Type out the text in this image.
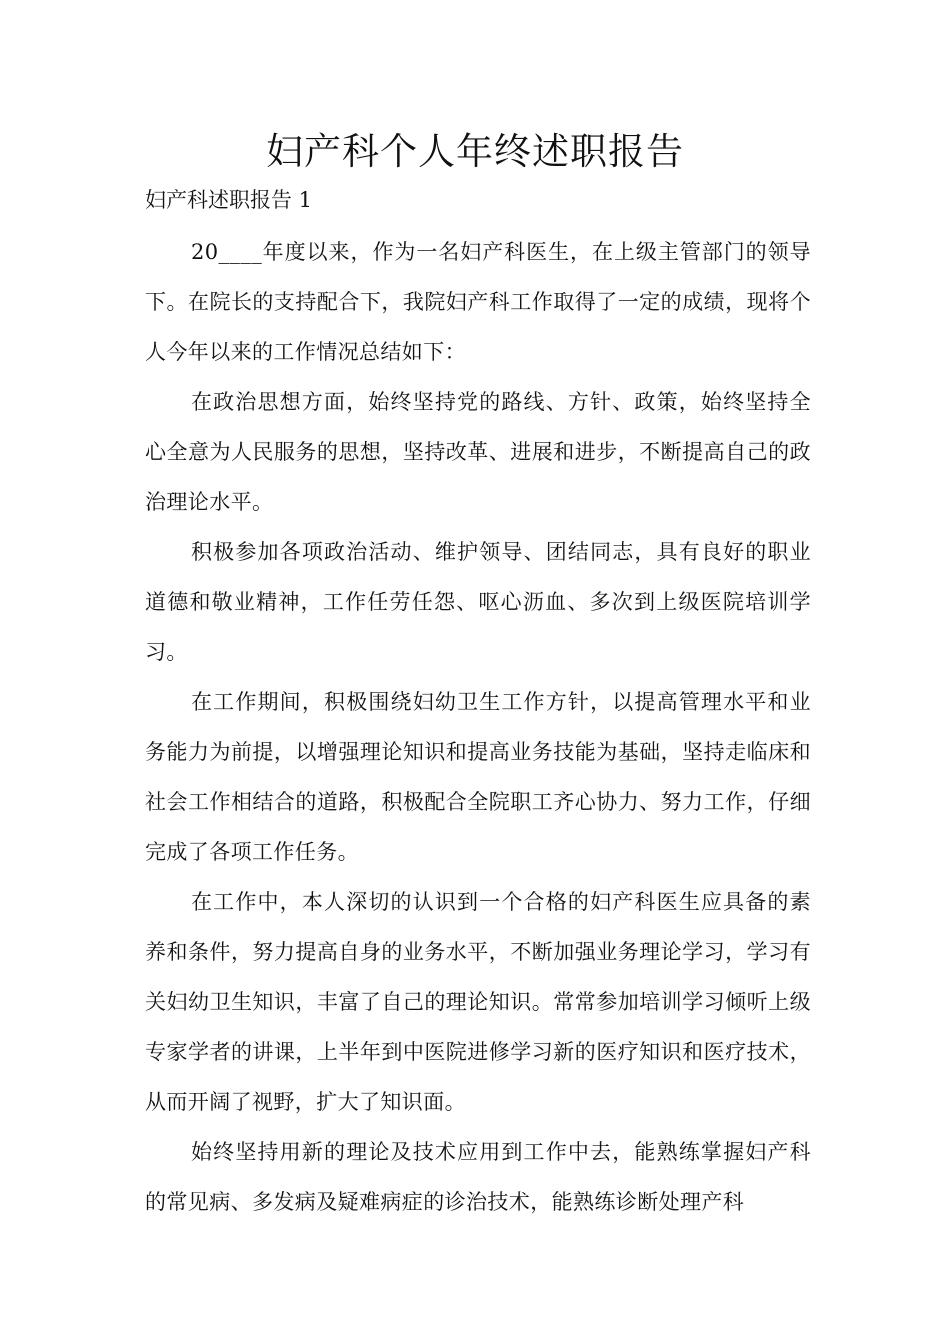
妇产科个人年终述职报告
妇产科述职报告 1

20____年度以来，作为一名妇产科医生，在上级主管部门的领导下。在院长的支持配合下，我院妇产科工作取得了一定的成绩，现将个人今年以来的工作情况总结如下：

在政治思想方面，始终坚持党的路线、方针、政策，始终坚持全心全意为人民服务的思想，坚持改革、进展和进步，不断提高自己的政治理论水平。

积极参加各项政治活动、维护领导、团结同志，具有良好的职业道德和敬业精神，工作任劳任怨、呕心沥血、多次到上级医院培训学习。

在工作期间，积极围绕妇幼卫生工作方针，以提高管理水平和业务能力为前提，以增强理论知识和提高业务技能为基础，坚持走临床和社会工作相结合的道路，积极配合全院职工齐心协力、努力工作，仔细完成了各项工作任务。

在工作中，本人深切的认识到一个合格的妇产科医生应具备的素养和条件，努力提高自身的业务水平，不断加强业务理论学习，学习有关妇幼卫生知识，丰富了自己的理论知识。常常参加培训学习倾听上级专家学者的讲课，上半年到中医院进修学习新的医疗知识和医疗技术，从而开阔了视野，扩大了知识面。

始终坚持用新的理论及技术应用到工作中去，能熟练掌握妇产科的常见病、多发病及疑难病症的诊治技术，能熟练诊断处理产科
